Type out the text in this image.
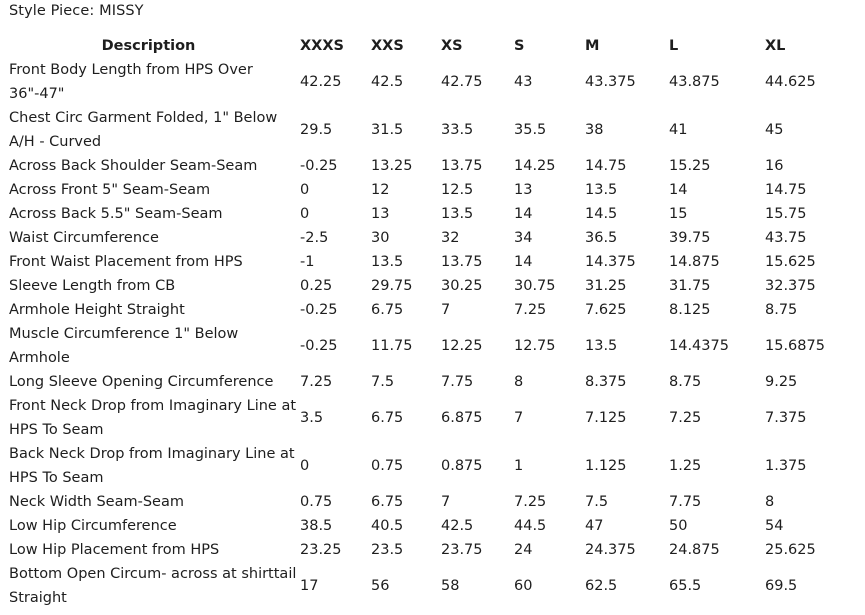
Style Piece: MISSY
Description	XXXS	XXS	XS	S	M	L	XL
Front Body Length from HPS Over 36"-47"	42.25	42.5	42.75	43	43.375	43.875	44.625
Chest Circ Garment Folded, 1" Below A/H - Curved	29.5	31.5	33.5	35.5	38	41	45
Across Back Shoulder Seam-Seam	-0.25	13.25	13.75	14.25	14.75	15.25	16
Across Front 5" Seam-Seam	0	12	12.5	13	13.5	14	14.75
Across Back 5.5" Seam-Seam	0	13	13.5	14	14.5	15	15.75
Waist Circumference	-2.5	30	32	34	36.5	39.75	43.75
Front Waist Placement from HPS	-1	13.5	13.75	14	14.375	14.875	15.625
Sleeve Length from CB	0.25	29.75	30.25	30.75	31.25	31.75	32.375
Armhole Height Straight	-0.25	6.75	7	7.25	7.625	8.125	8.75
Muscle Circumference 1" Below Armhole	-0.25	11.75	12.25	12.75	13.5	14.4375	15.6875
Long Sleeve Opening Circumference	7.25	7.5	7.75	8	8.375	8.75	9.25
Front Neck Drop from Imaginary Line at HPS To Seam	3.5	6.75	6.875	7	7.125	7.25	7.375
Back Neck Drop from Imaginary Line at HPS To Seam	0	0.75	0.875	1	1.125	1.25	1.375
Neck Width Seam-Seam	0.75	6.75	7	7.25	7.5	7.75	8
Low Hip Circumference	38.5	40.5	42.5	44.5	47	50	54
Low Hip Placement from HPS	23.25	23.5	23.75	24	24.375	24.875	25.625
Bottom Open Circum- across at shirttail Straight	17	56	58	60	62.5	65.5	69.5
